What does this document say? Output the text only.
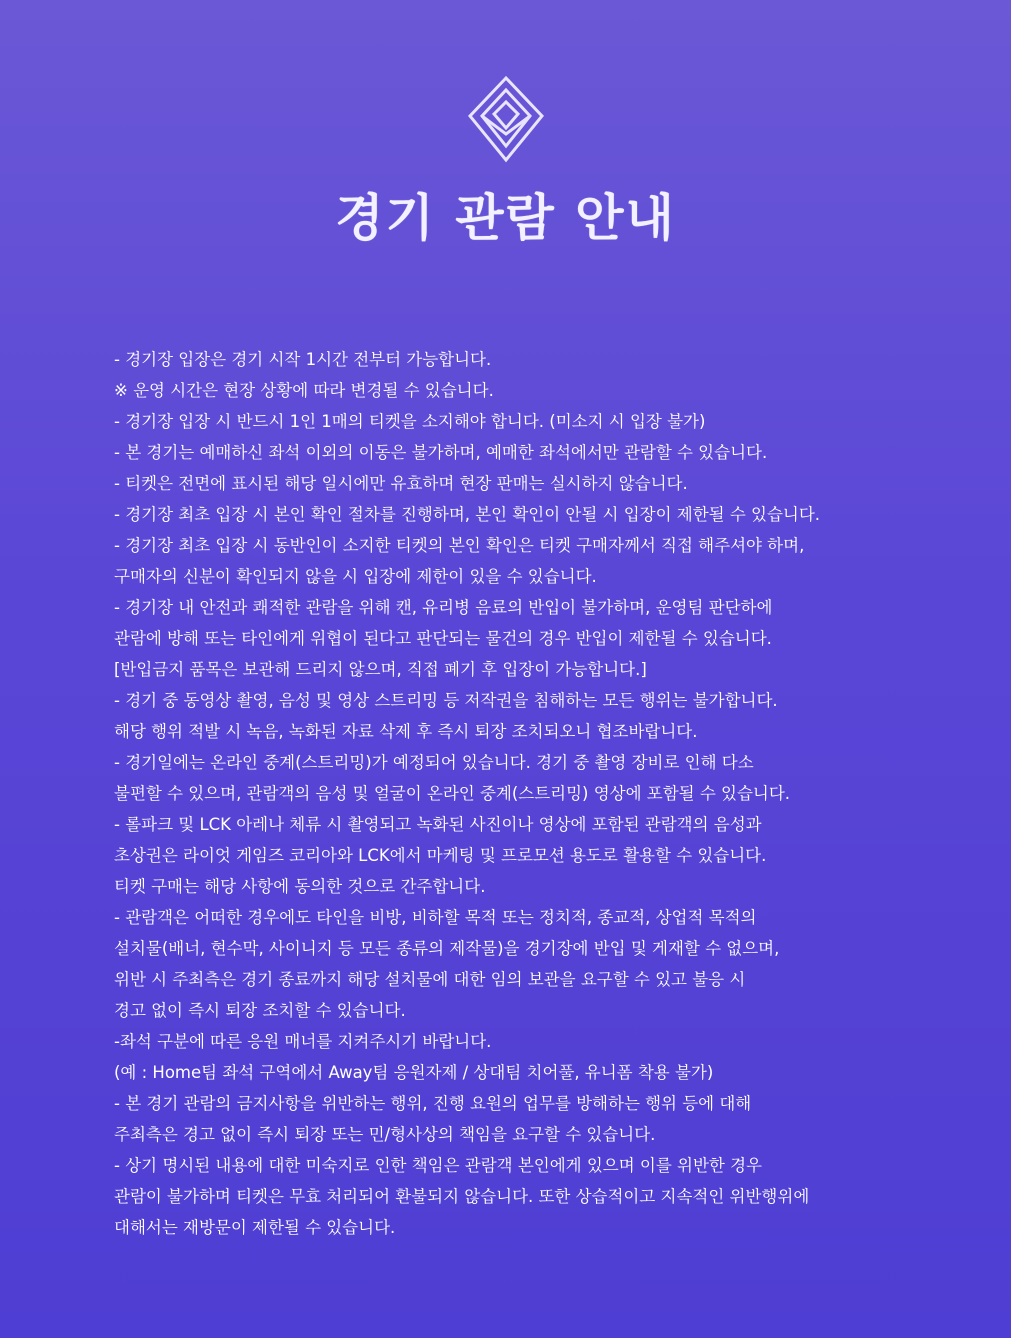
경기 관람 안내
- 경기장 입장은 경기 시작 1시간 전부터 가능합니다.
※ 운영 시간은 현장 상황에 따라 변경될 수 있습니다.
- 경기장 입장 시 반드시 1인 1매의 티켓을 소지해야 합니다. (미소지 시 입장 불가)
- 본 경기는 예매하신 좌석 이외의 이동은 불가하며, 예매한 좌석에서만 관람할 수 있습니다.
- 티켓은 전면에 표시된 해당 일시에만 유효하며 현장 판매는 실시하지 않습니다.
- 경기장 최초 입장 시 본인 확인 절차를 진행하며, 본인 확인이 안될 시 입장이 제한될 수 있습니다.
- 경기장 최초 입장 시 동반인이 소지한 티켓의 본인 확인은 티켓 구매자께서 직접 해주셔야 하며,
구매자의 신분이 확인되지 않을 시 입장에 제한이 있을 수 있습니다.
- 경기장 내 안전과 쾌적한 관람을 위해 캔, 유리병 음료의 반입이 불가하며, 운영팀 판단하에
관람에 방해 또는 타인에게 위협이 된다고 판단되는 물건의 경우 반입이 제한될 수 있습니다.
[반입금지 품목은 보관해 드리지 않으며, 직접 폐기 후 입장이 가능합니다.]
- 경기 중 동영상 촬영, 음성 및 영상 스트리밍 등 저작권을 침해하는 모든 행위는 불가합니다.
해당 행위 적발 시 녹음, 녹화된 자료 삭제 후 즉시 퇴장 조치되오니 협조바랍니다.
- 경기일에는 온라인 중계(스트리밍)가 예정되어 있습니다. 경기 중 촬영 장비로 인해 다소
불편할 수 있으며, 관람객의 음성 및 얼굴이 온라인 중계(스트리밍) 영상에 포함될 수 있습니다.
- 롤파크 및 LCK 아레나 체류 시 촬영되고 녹화된 사진이나 영상에 포함된 관람객의 음성과
초상권은 라이엇 게임즈 코리아와 LCK에서 마케팅 및 프로모션 용도로 활용할 수 있습니다.
티켓 구매는 해당 사항에 동의한 것으로 간주합니다.
- 관람객은 어떠한 경우에도 타인을 비방, 비하할 목적 또는 정치적, 종교적, 상업적 목적의
설치물(배너, 현수막, 사이니지 등 모든 종류의 제작물)을 경기장에 반입 및 게재할 수 없으며,
위반 시 주최측은 경기 종료까지 해당 설치물에 대한 임의 보관을 요구할 수 있고 불응 시
경고 없이 즉시 퇴장 조치할 수 있습니다.
-좌석 구분에 따른 응원 매너를 지켜주시기 바랍니다.
(예 : Home팀 좌석 구역에서 Away팀 응원자제 / 상대팀 치어풀, 유니폼 착용 불가)
- 본 경기 관람의 금지사항을 위반하는 행위, 진행 요원의 업무를 방해하는 행위 등에 대해
주최측은 경고 없이 즉시 퇴장 또는 민/형사상의 책임을 요구할 수 있습니다.
- 상기 명시된 내용에 대한 미숙지로 인한 책임은 관람객 본인에게 있으며 이를 위반한 경우
관람이 불가하며 티켓은 무효 처리되어 환불되지 않습니다. 또한 상습적이고 지속적인 위반행위에
대해서는 재방문이 제한될 수 있습니다.
